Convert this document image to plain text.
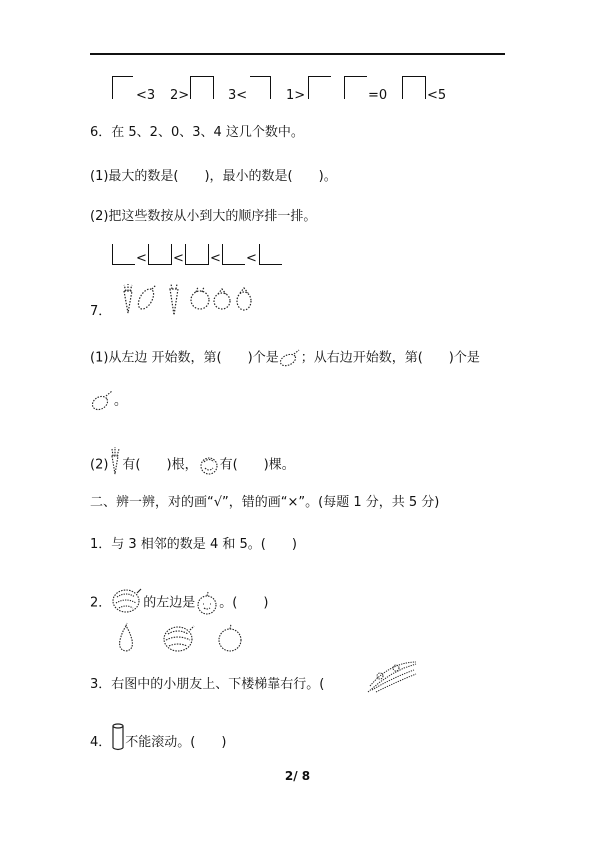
<3 2>	3<	1>	=0	<5
6．在 5、2、0、3、4 这几个数中。
(1)最大的数是(　　)，最小的数是(　　)。
(2)把这些数按从小到大的顺序排一排。
< < < <
7．
(1)从左边 开始数，第(　　)个是 ；从右边开始数，第(　　)个是
。
(2) 有(　　)根， 有(　　)棵。
二、辨一辨，对的画“√”，错的画“×”。(每题 1 分，共 5 分)
1．与 3 相邻的数是 4 和 5。(　　)
2． 的左边是 。(　　)
3．右图中的小朋友上、下楼梯靠右行。(
4． 不能滚动。(　　)
2/ 8
